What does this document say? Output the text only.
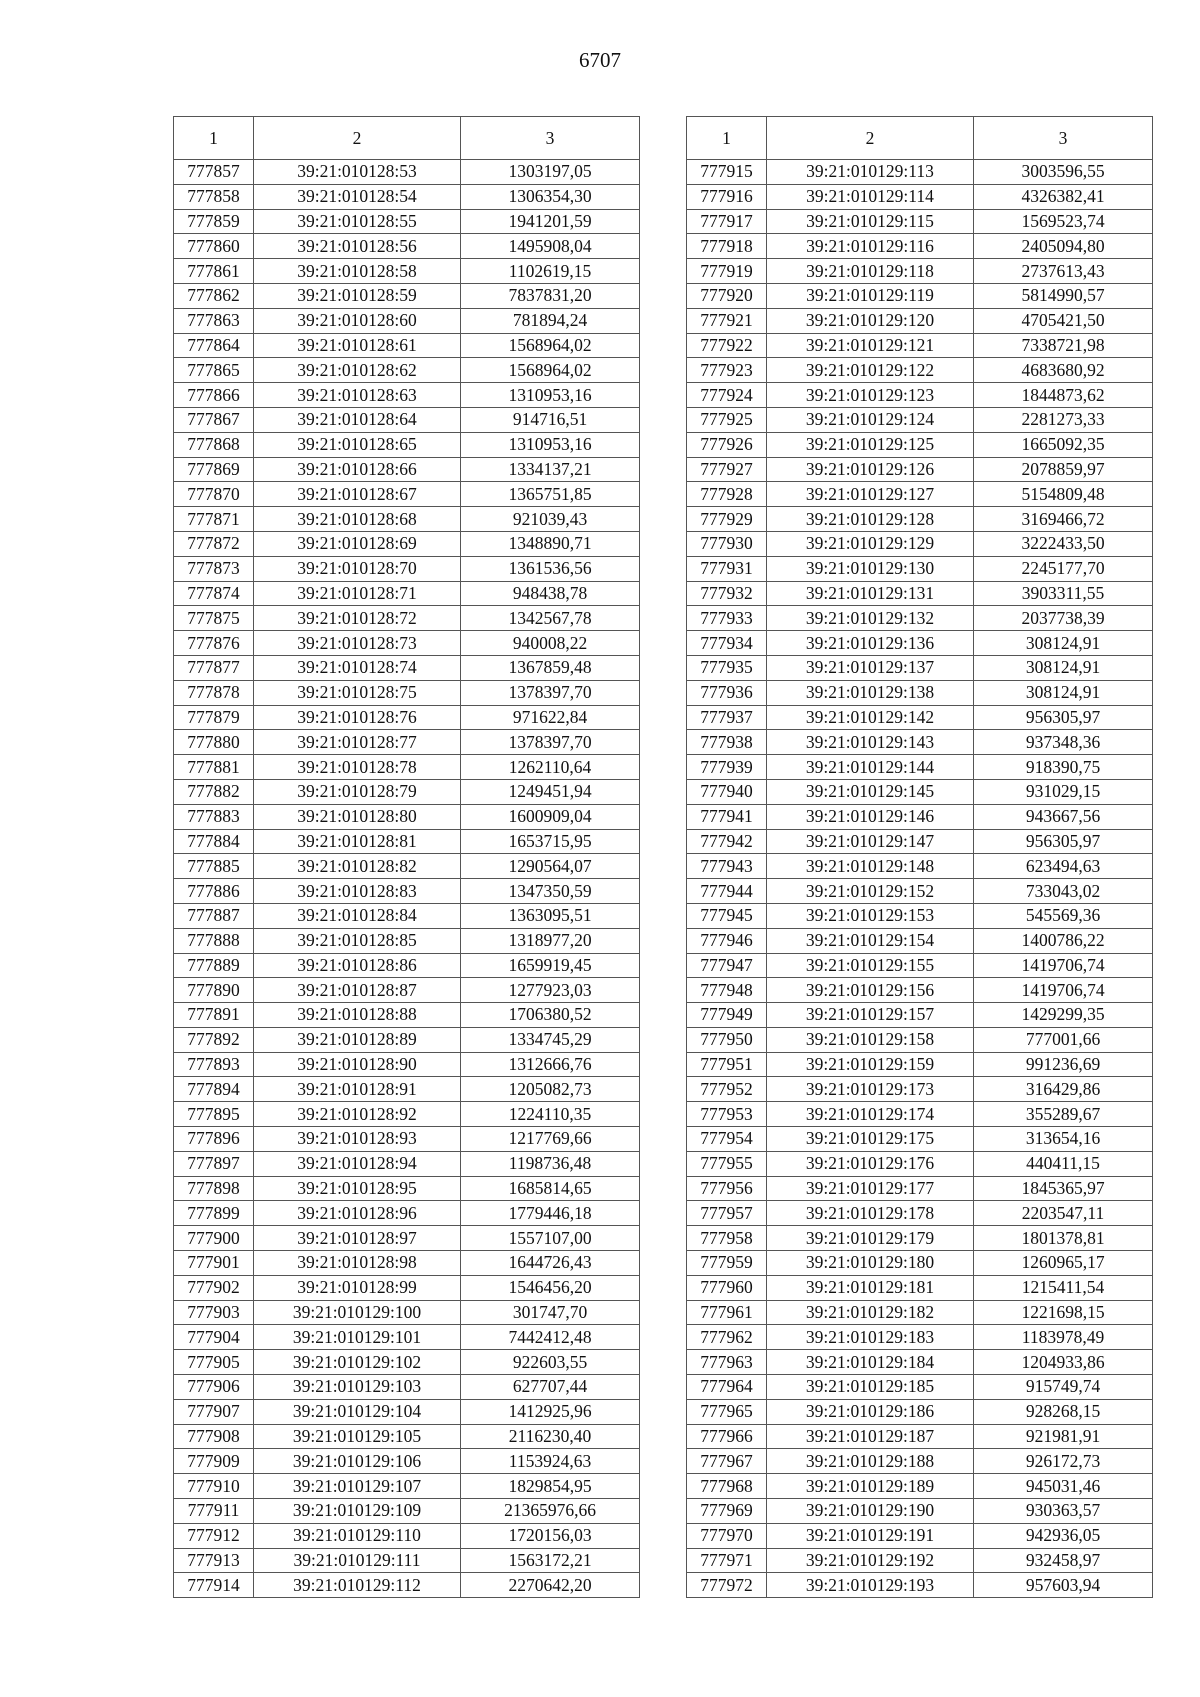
6707
1	2	3
777857	39:21:010128:53	1303197,05
777858	39:21:010128:54	1306354,30
777859	39:21:010128:55	1941201,59
777860	39:21:010128:56	1495908,04
777861	39:21:010128:58	1102619,15
777862	39:21:010128:59	7837831,20
777863	39:21:010128:60	781894,24
777864	39:21:010128:61	1568964,02
777865	39:21:010128:62	1568964,02
777866	39:21:010128:63	1310953,16
777867	39:21:010128:64	914716,51
777868	39:21:010128:65	1310953,16
777869	39:21:010128:66	1334137,21
777870	39:21:010128:67	1365751,85
777871	39:21:010128:68	921039,43
777872	39:21:010128:69	1348890,71
777873	39:21:010128:70	1361536,56
777874	39:21:010128:71	948438,78
777875	39:21:010128:72	1342567,78
777876	39:21:010128:73	940008,22
777877	39:21:010128:74	1367859,48
777878	39:21:010128:75	1378397,70
777879	39:21:010128:76	971622,84
777880	39:21:010128:77	1378397,70
777881	39:21:010128:78	1262110,64
777882	39:21:010128:79	1249451,94
777883	39:21:010128:80	1600909,04
777884	39:21:010128:81	1653715,95
777885	39:21:010128:82	1290564,07
777886	39:21:010128:83	1347350,59
777887	39:21:010128:84	1363095,51
777888	39:21:010128:85	1318977,20
777889	39:21:010128:86	1659919,45
777890	39:21:010128:87	1277923,03
777891	39:21:010128:88	1706380,52
777892	39:21:010128:89	1334745,29
777893	39:21:010128:90	1312666,76
777894	39:21:010128:91	1205082,73
777895	39:21:010128:92	1224110,35
777896	39:21:010128:93	1217769,66
777897	39:21:010128:94	1198736,48
777898	39:21:010128:95	1685814,65
777899	39:21:010128:96	1779446,18
777900	39:21:010128:97	1557107,00
777901	39:21:010128:98	1644726,43
777902	39:21:010128:99	1546456,20
777903	39:21:010129:100	301747,70
777904	39:21:010129:101	7442412,48
777905	39:21:010129:102	922603,55
777906	39:21:010129:103	627707,44
777907	39:21:010129:104	1412925,96
777908	39:21:010129:105	2116230,40
777909	39:21:010129:106	1153924,63
777910	39:21:010129:107	1829854,95
777911	39:21:010129:109	21365976,66
777912	39:21:010129:110	1720156,03
777913	39:21:010129:111	1563172,21
777914	39:21:010129:112	2270642,20
1	2	3
777915	39:21:010129:113	3003596,55
777916	39:21:010129:114	4326382,41
777917	39:21:010129:115	1569523,74
777918	39:21:010129:116	2405094,80
777919	39:21:010129:118	2737613,43
777920	39:21:010129:119	5814990,57
777921	39:21:010129:120	4705421,50
777922	39:21:010129:121	7338721,98
777923	39:21:010129:122	4683680,92
777924	39:21:010129:123	1844873,62
777925	39:21:010129:124	2281273,33
777926	39:21:010129:125	1665092,35
777927	39:21:010129:126	2078859,97
777928	39:21:010129:127	5154809,48
777929	39:21:010129:128	3169466,72
777930	39:21:010129:129	3222433,50
777931	39:21:010129:130	2245177,70
777932	39:21:010129:131	3903311,55
777933	39:21:010129:132	2037738,39
777934	39:21:010129:136	308124,91
777935	39:21:010129:137	308124,91
777936	39:21:010129:138	308124,91
777937	39:21:010129:142	956305,97
777938	39:21:010129:143	937348,36
777939	39:21:010129:144	918390,75
777940	39:21:010129:145	931029,15
777941	39:21:010129:146	943667,56
777942	39:21:010129:147	956305,97
777943	39:21:010129:148	623494,63
777944	39:21:010129:152	733043,02
777945	39:21:010129:153	545569,36
777946	39:21:010129:154	1400786,22
777947	39:21:010129:155	1419706,74
777948	39:21:010129:156	1419706,74
777949	39:21:010129:157	1429299,35
777950	39:21:010129:158	777001,66
777951	39:21:010129:159	991236,69
777952	39:21:010129:173	316429,86
777953	39:21:010129:174	355289,67
777954	39:21:010129:175	313654,16
777955	39:21:010129:176	440411,15
777956	39:21:010129:177	1845365,97
777957	39:21:010129:178	2203547,11
777958	39:21:010129:179	1801378,81
777959	39:21:010129:180	1260965,17
777960	39:21:010129:181	1215411,54
777961	39:21:010129:182	1221698,15
777962	39:21:010129:183	1183978,49
777963	39:21:010129:184	1204933,86
777964	39:21:010129:185	915749,74
777965	39:21:010129:186	928268,15
777966	39:21:010129:187	921981,91
777967	39:21:010129:188	926172,73
777968	39:21:010129:189	945031,46
777969	39:21:010129:190	930363,57
777970	39:21:010129:191	942936,05
777971	39:21:010129:192	932458,97
777972	39:21:010129:193	957603,94
